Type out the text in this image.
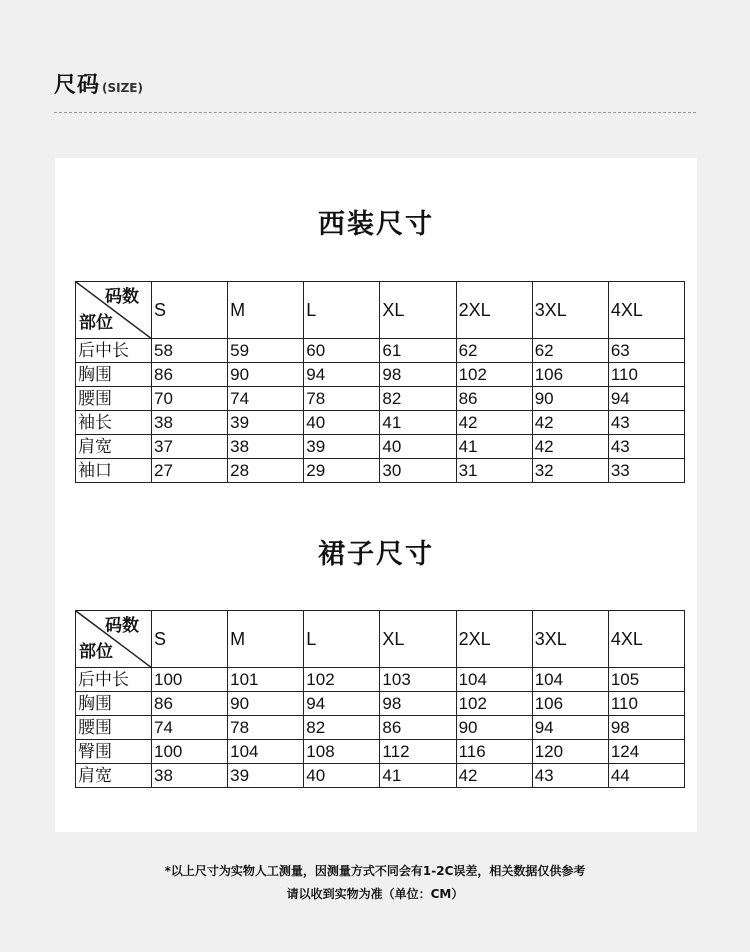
尺码 (SIZE)
西装尺寸
码数
部位	S	M	L	XL	2XL	3XL	4XL
后中长	58	59	60	61	62	62	63
胸围	86	90	94	98	102	106	110
腰围	70	74	78	82	86	90	94
袖长	38	39	40	41	42	42	43
肩宽	37	38	39	40	41	42	43
袖口	27	28	29	30	31	32	33
裙子尺寸
码数
部位	S	M	L	XL	2XL	3XL	4XL
后中长	100	101	102	103	104	104	105
胸围	86	90	94	98	102	106	110
腰围	74	78	82	86	90	94	98
臀围	100	104	108	112	116	120	124
肩宽	38	39	40	41	42	43	44
*以上尺寸为实物人工测量，因测量方式不同会有1-2C误差，相关数据仅供参考
请以收到实物为准（单位：CM）
